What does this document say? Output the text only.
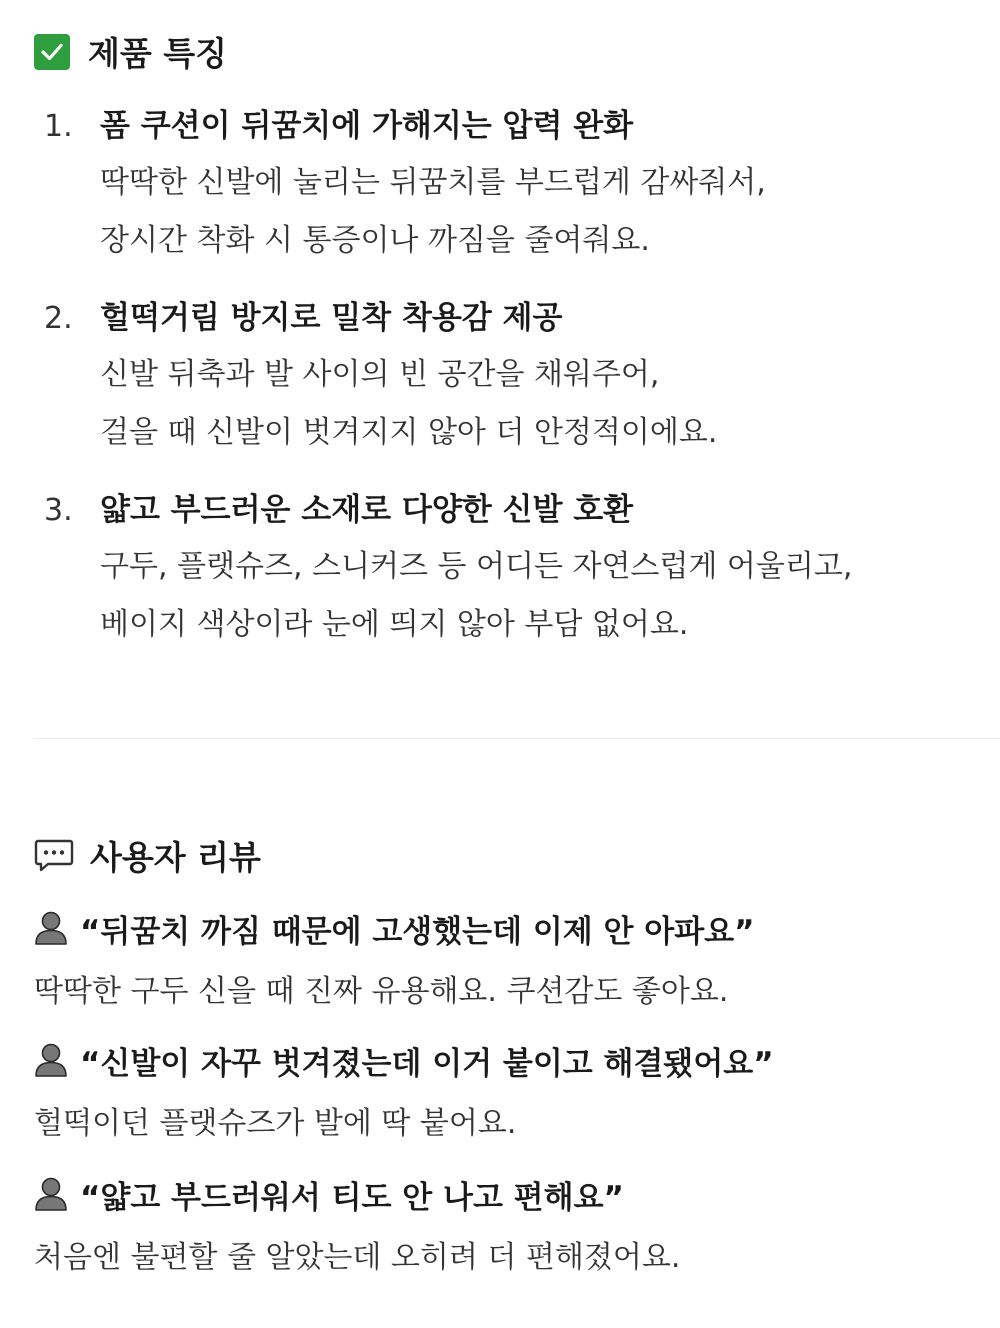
제품 특징
1. 폼 쿠션이 뒤꿈치에 가해지는 압력 완화
딱딱한 신발에 눌리는 뒤꿈치를 부드럽게 감싸줘서,
장시간 착화 시 통증이나 까짐을 줄여줘요.
2. 헐떡거림 방지로 밀착 착용감 제공
신발 뒤축과 발 사이의 빈 공간을 채워주어,
걸을 때 신발이 벗겨지지 않아 더 안정적이에요.
3. 얇고 부드러운 소재로 다양한 신발 호환
구두, 플랫슈즈, 스니커즈 등 어디든 자연스럽게 어울리고,
베이지 색상이라 눈에 띄지 않아 부담 없어요.
사용자 리뷰
“뒤꿈치 까짐 때문에 고생했는데 이제 안 아파요”
딱딱한 구두 신을 때 진짜 유용해요. 쿠션감도 좋아요.
“신발이 자꾸 벗겨졌는데 이거 붙이고 해결됐어요”
헐떡이던 플랫슈즈가 발에 딱 붙어요.
“얇고 부드러워서 티도 안 나고 편해요”
처음엔 불편할 줄 알았는데 오히려 더 편해졌어요.
